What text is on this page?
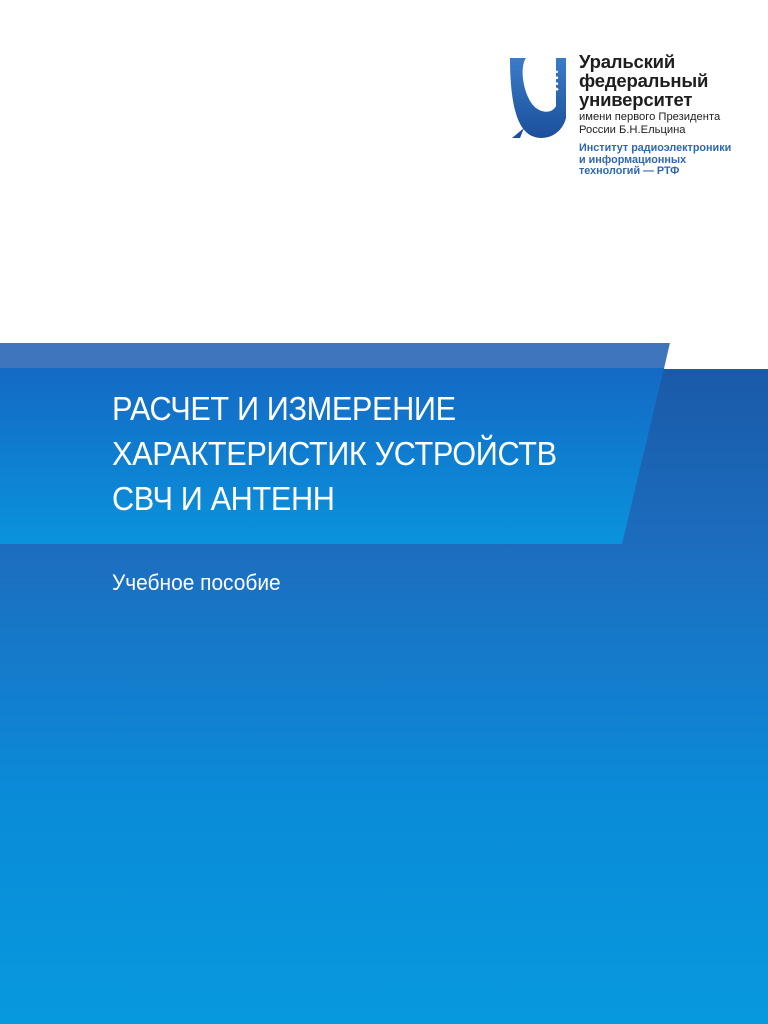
Уральский
федеральный
университет
имени первого Президента
России Б.Н.Ельцина
Институт радиоэлектроники
и информационных
технологий — РТФ
РАСЧЕТ И ИЗМЕРЕНИЕ
ХАРАКТЕРИСТИК УСТРОЙСТВ
СВЧ И АНТЕНН
Учебное пособие
